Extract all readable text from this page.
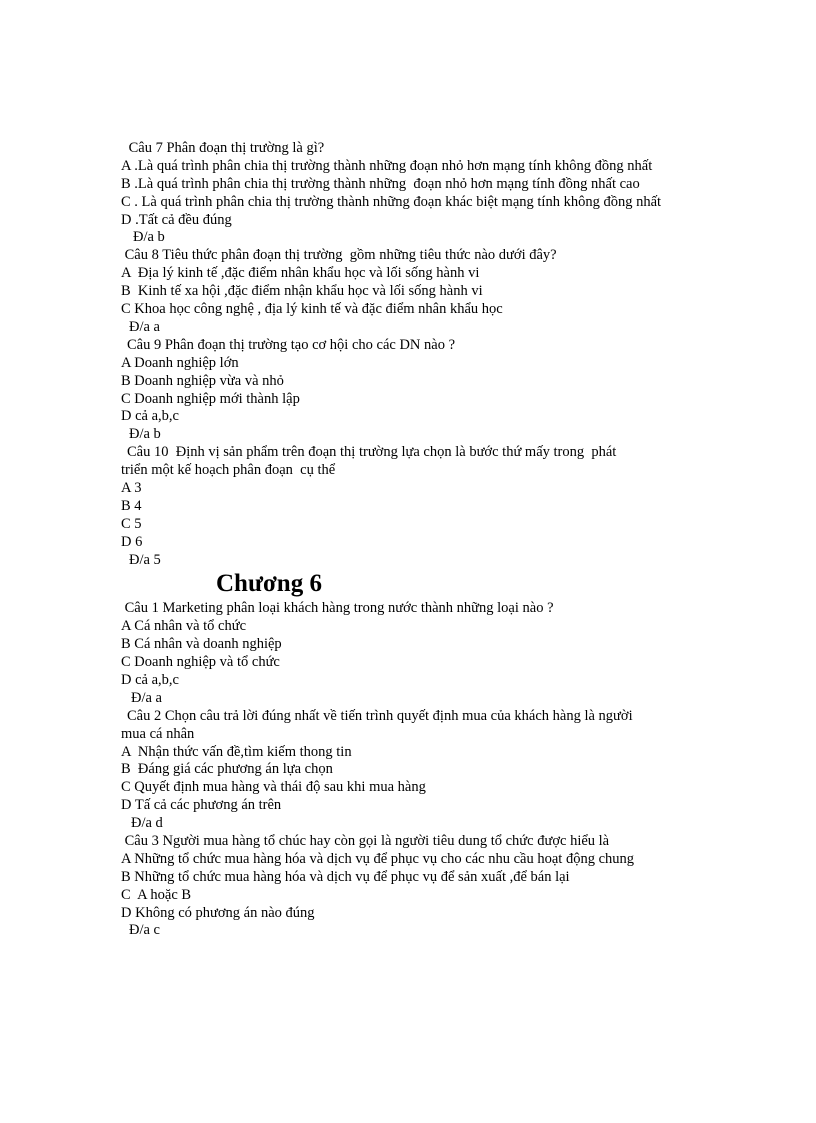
Câu 7 Phân đoạn thị trường là gì?
A .Là quá trình phân chia thị trường thành những đoạn nhỏ hơn mạng tính không đồng nhất
B .Là quá trình phân chia thị trường thành những  đoạn nhỏ hơn mạng tính đồng nhất cao
C . Là quá trình phân chia thị trường thành những đoạn khác biệt mạng tính không đồng nhất
D .Tất cả đều đúng
Đ/a b
Câu 8 Tiêu thức phân đoạn thị trường  gồm những tiêu thức nào dưới đây?
A  Địa lý kinh tế ,đặc điểm nhân khẩu học và lối sống hành vi
B  Kinh tế xa hội ,đặc điểm nhận khẩu học và lối sống hành vi
C Khoa học công nghệ , địa lý kinh tế và đặc điểm nhân khẩu học
Đ/a a
Câu 9 Phân đoạn thị trường tạo cơ hội cho các DN nào ?
A Doanh nghiệp lớn
B Doanh nghiệp vừa và nhỏ
C Doanh nghiệp mới thành lập
D cả a,b,c
Đ/a b
Câu 10  Định vị sản phẩm trên đoạn thị trường lựa chọn là bước thứ mấy trong  phát
triển một kế hoạch phân đoạn  cụ thể
A 3
B 4
C 5
D 6
Đ/a 5
Chương 6
Câu 1 Marketing phân loại khách hàng trong nước thành những loại nào ?
A Cá nhân và tổ chức
B Cá nhân và doanh nghiệp
C Doanh nghiệp và tổ chức
D cả a,b,c
Đ/a a
Câu 2 Chọn câu trả lời đúng nhất về tiến trình quyết định mua của khách hàng là người
mua cá nhân
A  Nhận thức vấn đề,tìm kiếm thong tin
B  Đáng giá các phương án lựa chọn
C Quyết định mua hàng và thái độ sau khi mua hàng
D Tấ cả các phương án trên
Đ/a d
Câu 3 Người mua hàng tổ chúc hay còn gọi là người tiêu dung tổ chức được hiểu là
A Những tổ chức mua hàng hóa và dịch vụ để phục vụ cho các nhu cầu hoạt động chung
B Những tổ chức mua hàng hóa và dịch vụ để phục vụ để sản xuất ,để bán lại
C  A hoặc B
D Không có phương án nào đúng
Đ/a c
